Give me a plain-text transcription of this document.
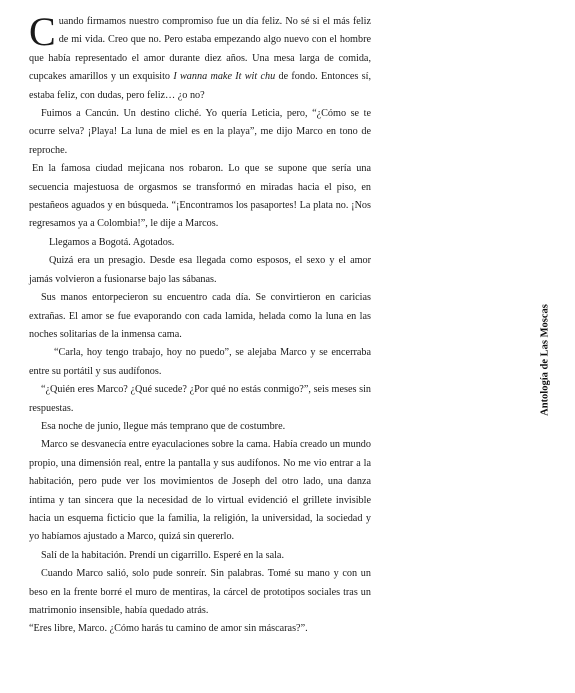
Cuando firmamos nuestro compromiso fue un día feliz. No sé si el más feliz de mi vida. Creo que no. Pero estaba empezando algo nuevo con el hombre que había representado el amor durante diez años. Una mesa larga de comida, cupcakes amarillos y un exquisito I wanna make It wit chu de fondo. Entonces sí, estaba feliz, con dudas, pero feliz… ¿o no?

Fuimos a Cancún. Un destino cliché. Yo quería Leticia, pero, “¿Cómo se te ocurre selva? ¡Playa! La luna de miel es en la playa”, me dijo Marco en tono de reproche.

En la famosa ciudad mejicana nos robaron. Lo que se supone que sería una secuencia majestuosa de orgasmos se transformó en miradas hacia el piso, en pestañeos aguados y en búsqueda. “¡Encontramos los pasaportes! La plata no. ¡Nos regresamos ya a Colombia!”, le dije a Marcos.

Llegamos a Bogotá. Agotados.

Quizá era un presagio. Desde esa llegada como esposos, el sexo y el amor jamás volvieron a fusionarse bajo las sábanas.

Sus manos entorpecieron su encuentro cada día. Se convirtieron en caricias extrañas. El amor se fue evaporando con cada lamida, helada como la luna en las noches solitarias de la inmensa cama.

“Carla, hoy tengo trabajo, hoy no puedo”, se alejaba Marco y se encerraba entre su portátil y sus audífonos.

“¿Quién eres Marco? ¿Qué sucede? ¿Por qué no estás conmigo?”, seis meses sin respuestas.

Esa noche de junio, llegue más temprano que de costumbre.

Marco se desvanecía entre eyaculaciones sobre la cama. Había creado un mundo propio, una dimensión real, entre la pantalla y sus audífonos. No me vio entrar a la habitación, pero pude ver los movimientos de Joseph del otro lado, una danza íntima y tan sincera que la necesidad de lo virtual evidenció el grillete invisible hacia un esquema ficticio que la familia, la religión, la universidad, la sociedad y yo habíamos ajustado a Marco, quizá sin quererlo.

Salí de la habitación. Prendí un cigarrillo. Esperé en la sala.

Cuando Marco salió, solo pude sonreír. Sin palabras. Tomé su mano y con un beso en la frente borré el muro de mentiras, la cárcel de prototipos sociales tras un matrimonio insensible, había quedado atrás.

“Eres libre, Marco. ¿Cómo harás tu camino de amor sin máscaras?”.

Antología de Las Moscas
